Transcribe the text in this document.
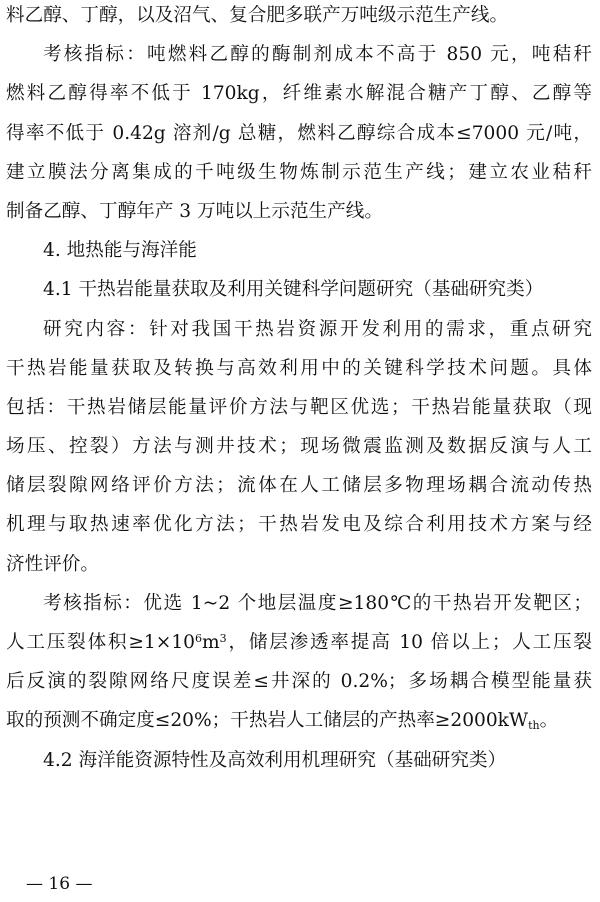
料乙醇、丁醇，以及沼气、复合肥多联产万吨级示范生产线。
考核指标：吨燃料乙醇的酶制剂成本不高于 850 元，吨秸秆
燃料乙醇得率不低于 170kg，纤维素水解混合糖产丁醇、乙醇等
得率不低于 0.42g 溶剂/g 总糖，燃料乙醇综合成本≤7000 元/吨，
建立膜法分离集成的千吨级生物炼制示范生产线；建立农业秸秆
制备乙醇、丁醇年产 3 万吨以上示范生产线。
4. 地热能与海洋能
4.1 干热岩能量获取及利用关键科学问题研究（基础研究类）
研究内容：针对我国干热岩资源开发利用的需求，重点研究
干热岩能量获取及转换与高效利用中的关键科学技术问题。具体
包括：干热岩储层能量评价方法与靶区优选；干热岩能量获取（现
场压、控裂）方法与测井技术；现场微震监测及数据反演与人工
储层裂隙网络评价方法；流体在人工储层多物理场耦合流动传热
机理与取热速率优化方法；干热岩发电及综合利用技术方案与经
济性评价。
考核指标：优选 1~2 个地层温度≥180℃的干热岩开发靶区；
人工压裂体积$\ge 1\times 10^6m^3$，储层渗透率提高 10 倍以上；人工压裂
后反演的裂隙网络尺度误差≤井深的 0.2%；多场耦合模型能量获
取的预测不确定度≤20%；干热岩人工储层的产热率$\ge 2000kW_{th}$。
4.2 海洋能资源特性及高效利用机理研究（基础研究类）
— 16 —
